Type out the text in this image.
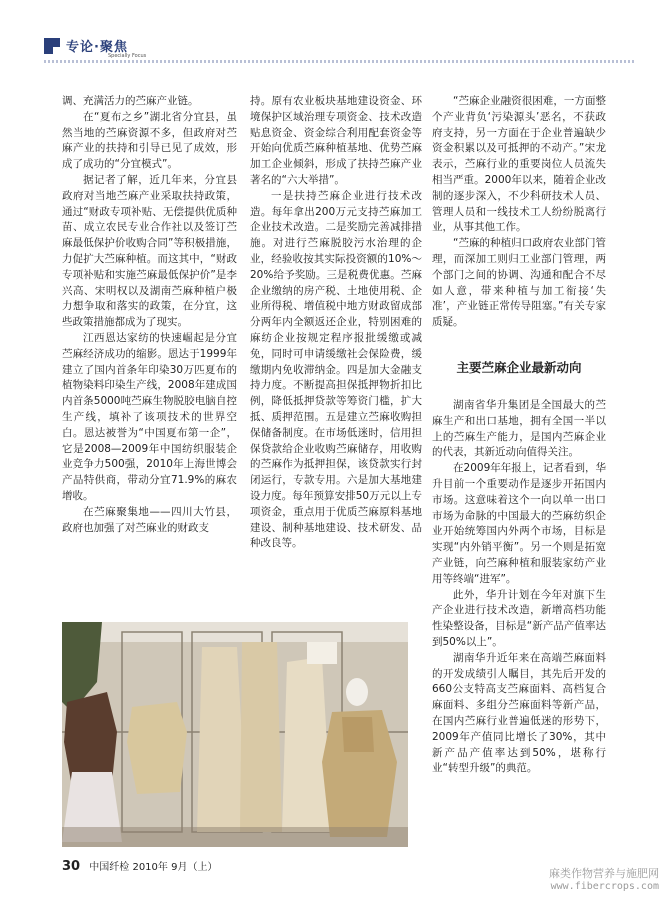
专论·聚焦
Specially Focus

调、充满活力的苎麻产业链。

在“夏布之乡”湖北省分宜县，虽然当地的苎麻资源不多，但政府对苎麻产业的扶持和引导已见了成效，形成了成功的“分宜模式”。

据记者了解，近几年来，分宜县政府对当地苎麻产业采取扶持政策，通过“财政专项补贴、无偿提供优质种苗、成立农民专业合作社以及签订苎麻最低保护价收购合同”等积极措施，力促扩大苎麻种植。而这其中，“财政专项补贴和实施苎麻最低保护价”是李兴高、宋明权以及湖南苎麻种植户极力想争取和落实的政策，在分宜，这些政策措施都成为了现实。

江西恩达家纺的快速崛起是分宜苎麻经济成功的缩影。恩达于1999年建立了国内首条年印染30万匹夏布的植物染料印染生产线，2008年建成国内首条5000吨苎麻生物脱胶电脑自控生产线，填补了该项技术的世界空白。恩达被誉为“中国夏布第一企”，它是2008—2009年中国纺织服装企业竞争力500强，2010年上海世博会产品特供商，带动分宜71.9%的麻农增收。

在苎麻聚集地——四川大竹县，政府也加强了对苎麻业的财政支

持。原有农业板块基地建设资金、环境保护区域治理专项资金、技术改造贴息资金、资金综合利用配套资金等开始向优质苎麻种植基地、优势苎麻加工企业倾斜，形成了扶持苎麻产业著名的“六大举措”。

一是扶持苎麻企业进行技术改造。每年拿出200万元支持苎麻加工企业技术改造。二是奖励完善减排措施。对进行苎麻脱胶污水治理的企业，经验收按其实际投资额的10%～20%给予奖励。三是税费优惠。苎麻企业缴纳的房产税、土地使用税、企业所得税、增值税中地方财政留成部分两年内全额返还企业，特别困难的麻纺企业按规定程序报批缓缴或减免，同时可申请缓缴社会保险费，缓缴期内免收滞纳金。四是加大金融支持力度。不断提高担保抵押物折扣比例，降低抵押贷款等筹资门槛，扩大抵、质押范围。五是建立苎麻收购担保储备制度。在市场低迷时，信用担保贷款给企业收购苎麻储存，用收购的苎麻作为抵押担保，该贷款实行封闭运行，专款专用。六是加大基地建设力度。每年预算安排50万元以上专项资金，重点用于优质苎麻原料基地建设、制种基地建设、技术研发、品种改良等。

“苎麻企业融资很困难，一方面整个产业背负‘污染源头’恶名，不获政府支持，另一方面在于企业普遍缺少资金积累以及可抵押的不动产。”宋龙表示，苎麻行业的重要岗位人员流失相当严重。2000年以来，随着企业改制的逐步深入，不少科研技术人员、管理人员和一线技术工人纷纷脱离行业，从事其他工作。

“苎麻的种植归口政府农业部门管理，而深加工则归工业部门管理，两个部门之间的协调、沟通和配合不尽如人意，带来种植与加工衔接‘失准’，产业链正常传导阻塞。”有关专家质疑。

主要苎麻企业最新动向

湖南省华升集团是全国最大的苎麻生产和出口基地，拥有全国一半以上的苎麻生产能力，是国内苎麻企业的代表，其新近动向值得关注。

在2009年年报上，记者看到，华升目前一个重要动作是逐步开拓国内市场。这意味着这个一向以单一出口市场为命脉的中国最大的苎麻纺织企业开始统筹国内外两个市场，目标是实现“内外销平衡”。另一个则是拓宽产业链，向苎麻种植和服装家纺产业用等终端“进军”。

此外，华升计划在今年对旗下生产企业进行技术改造，新增高档功能性染整设备，目标是“新产品产值率达到50%以上”。

湖南华升近年来在高端苎麻面料的开发成绩引人瞩目，其先后开发的660公支特高支苎麻面料、高档复合麻面料、多组分苎麻面料等新产品，在国内苎麻行业普遍低迷的形势下，2009年产值同比增长了30%，其中新产品产值率达到50%，堪称行业“转型升级”的典范。

30 中国纤检 2010年 9月（上）	麻类作物营养与施肥网
www.fibercrops.com
